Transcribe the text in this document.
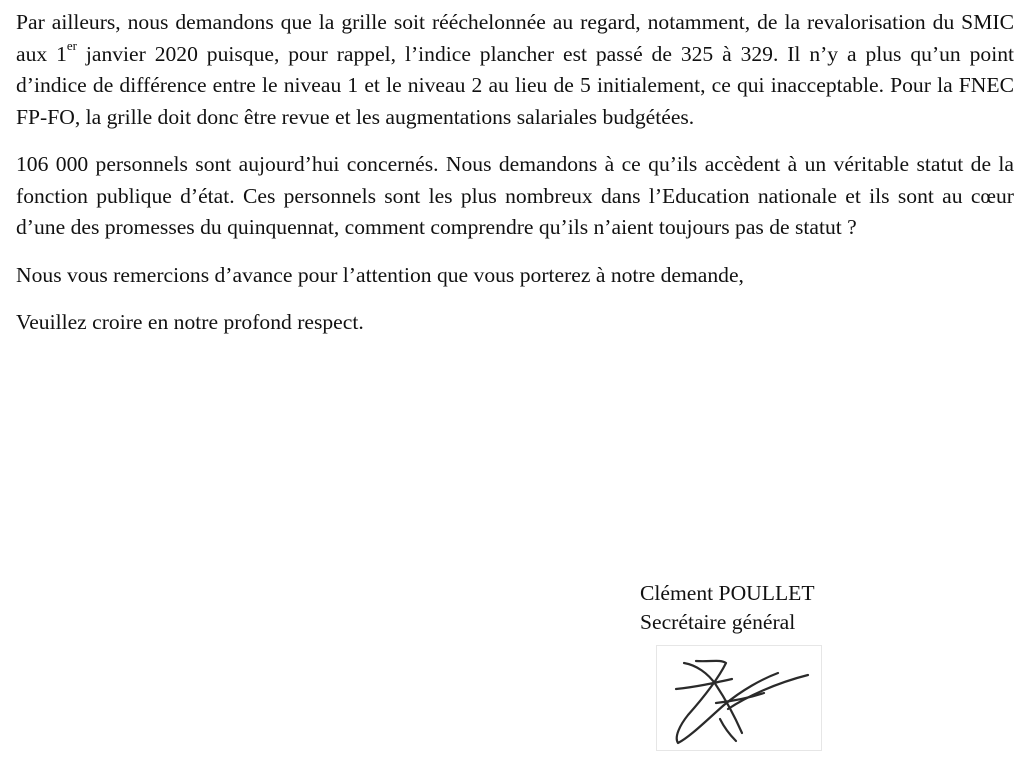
Par ailleurs, nous demandons que la grille soit rééchelonnée au regard, notamment, de la revalorisation du SMIC aux 1er janvier 2020 puisque, pour rappel, l’indice plancher est passé de 325 à 329. Il n’y a plus qu’un point d’indice de différence entre le niveau 1 et le niveau 2 au lieu de 5 initialement, ce qui inacceptable. Pour la FNEC FP-FO, la grille doit donc être revue et les augmentations salariales budgétées.

106 000 personnels sont aujourd’hui concernés. Nous demandons à ce qu’ils accèdent à un véritable statut de la fonction publique d’état. Ces personnels sont les plus nombreux dans l’Education nationale et ils sont au cœur d’une des promesses du quinquennat, comment comprendre qu’ils n’aient toujours pas de statut ?

Nous vous remercions d’avance pour l’attention que vous porterez à notre demande,

Veuillez croire en notre profond respect.

Clément POULLET
Secrétaire général
